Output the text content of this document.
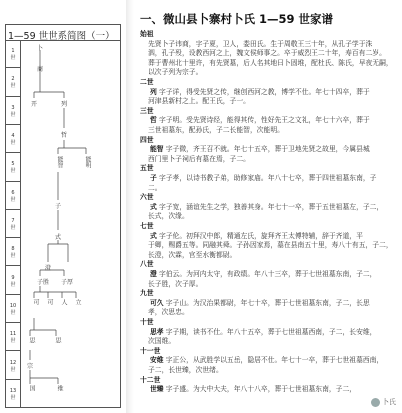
1—59 世世系简图（一）
1
世
2
世
3
世
4
世
5
世
6
世
7
世
8
世
9
世
10
世
11
世
12
世
13
世
卜
商
开	列
哲
能智	能明
子
式
澄
子胜 子厚
可 可 人 立
思	思
宗
国	维
一、微山县卜寨村卜氏 1—59 世家谱
始祖
先贤卜子讳商，字子夏，卫人，娄田氏。生于周敬王三十年，从孔子学于洙
泗，孔子殁，设教西河之上，魏文侯师事之。卒于威烈王二十年，寿百有二岁。
葬于曹州北十里许，有先贤墓，后人名其地曰卜固堆，配杜氏、陈氏，早夜无嗣，
以次子列为宗子。
二世
列 字子详，得受先贤之传，继创西河之教，博学不仕。年七十四卒，葬于
河津县新村之上。配王氏，子一。
三世
哲 字子明。受先贤诗经，能得其传，性好先王之文礼，年七十六卒，葬于
三世祖墓东，配孙氏，子二长能智，次能明。
四世
能智 字子微，齐王召不就。年七十五卒，葬于卫地先贤之故里，今属县城
西门里卜子祠后有墓在焉，子二。
五世
子 字子孝，以诗书教子弟，助修家庙。年八十七卒，葬于四世祖墓东南，子
二。
六世
式 字子宽，涵谊先生之学，独善其身。年七十一卒，葬于五世祖墓左，子二，
长式，次缘。
七世
式 字子伦。初拜汉中郎，精通左氏，旋拜齐王太傅特辅，辞于齐道，平
于卿，赐爵五等。同融其舜。子孙因家焉，墓在县南五十里，寿八十有五，子二，
长澄，次霖，官至水衡都尉。
八世
澄 字伯云。为河内太守，有政绩。年八十三卒，葬于七世祖墓东南，子二，
长子胜，次子厚。
九世
可久 字子山。为汉治果都尉，年七十卒，葬于七世祖墓东南，子二，长思
孝，次思忠。
十世
思孝 字子期，读书不仕。年八十五卒，葬于七世祖墓西南，子二，长安维，
次国维。
十一世
安维 字正公，从武胜学以五岳，隐居不仕。年七十一卒，葬于七世祖墓西南，
子二，长世臻，次世绪。
十二世
世臻 字子盛。为大中大夫，年八十八卒，葬于七世祖墓东南，子二，
卜氏
